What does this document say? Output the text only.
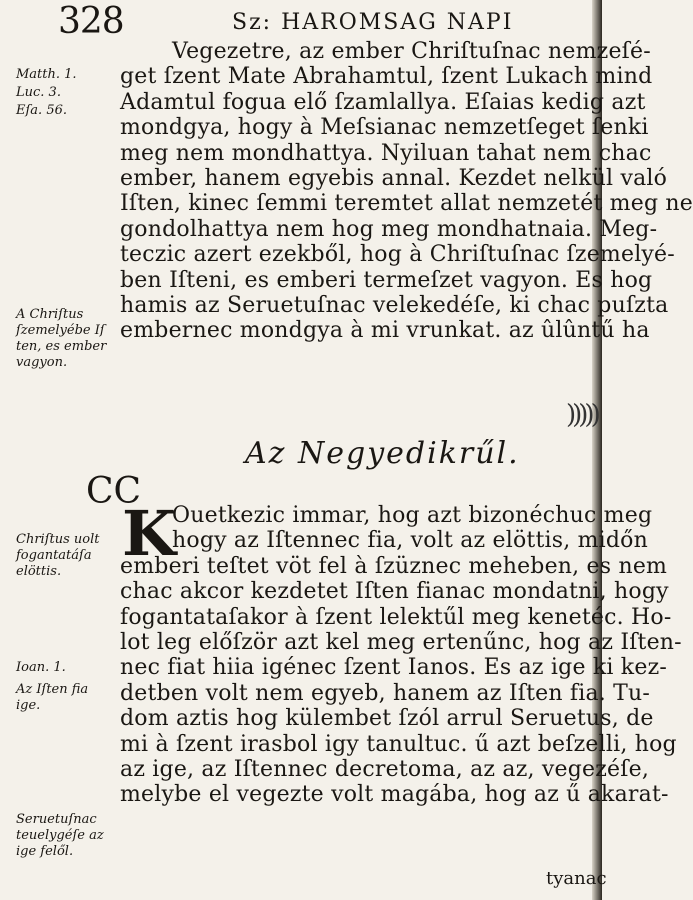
328	Sz: HAROMSAG NAPI
Matth. 1.
Luc. 3.
Eſa. 56.
A Chriſtus
ſzemelyébe Iſ
ten, es ember
vagyon.
Chriſtus uolt
fogantatáſa
elöttis.
Ioan. 1.
Az Iſten fia
ige.
Seruetuſnac
teuelygéſe az
ige felől.
Vegezetre, az ember Chriſtuſnac nemzeſé-
get ſzent Mate Abrahamtul, ſzent Lukach mind
Adamtul fogua elő ſzamlallya. Eſaias kedig azt
mondgya, hogy à Meſsianac nemzetſeget ſenki
meg nem mondhattya. Nyiluan tahat nem chac
ember, hanem egyebis annal. Kezdet nelkül való
Iſten, kinec ſemmi teremtet allat nemzetét meg ne
gondolhattya nem hog meg mondhatnaia. Meg-
teczic azert ezekből, hog à Chriſtuſnac ſzemelyé-
ben Iſteni, es emberi termeſzet vagyon. Es hog
hamis az Seruetuſnac velekedéſe, ki chac puſzta
embernec mondgya à mi vrunkat. az ûlûntű ha
)))))
Az Negyedikrűl.
CC
K
Ouetkezic immar, hog azt bizonéchuc meg
hogy az Iſtennec fia, volt az elöttis, midőn
emberi teſtet vöt fel à ſzüznec meheben, es nem
chac akcor kezdetet Iſten fianac mondatni, hogy
fogantataſakor à ſzent lelektűl meg kenetéc. Ho-
lot leg előſzör azt kel meg ertenűnc, hog az Iſten-
nec fiat hiia igénec ſzent Ianos. Es az ige ki kez-
detben volt nem egyeb, hanem az Iſten fia. Tu-
dom aztis hog külembet ſzól arrul Seruetus, de
mi à ſzent irasbol igy tanultuc. ű azt beſzelli, hog
az ige, az Iſtennec decretoma, az az, vegezéſe,
melybe el vegezte volt magába, hog az ű akarat-
tyanac
